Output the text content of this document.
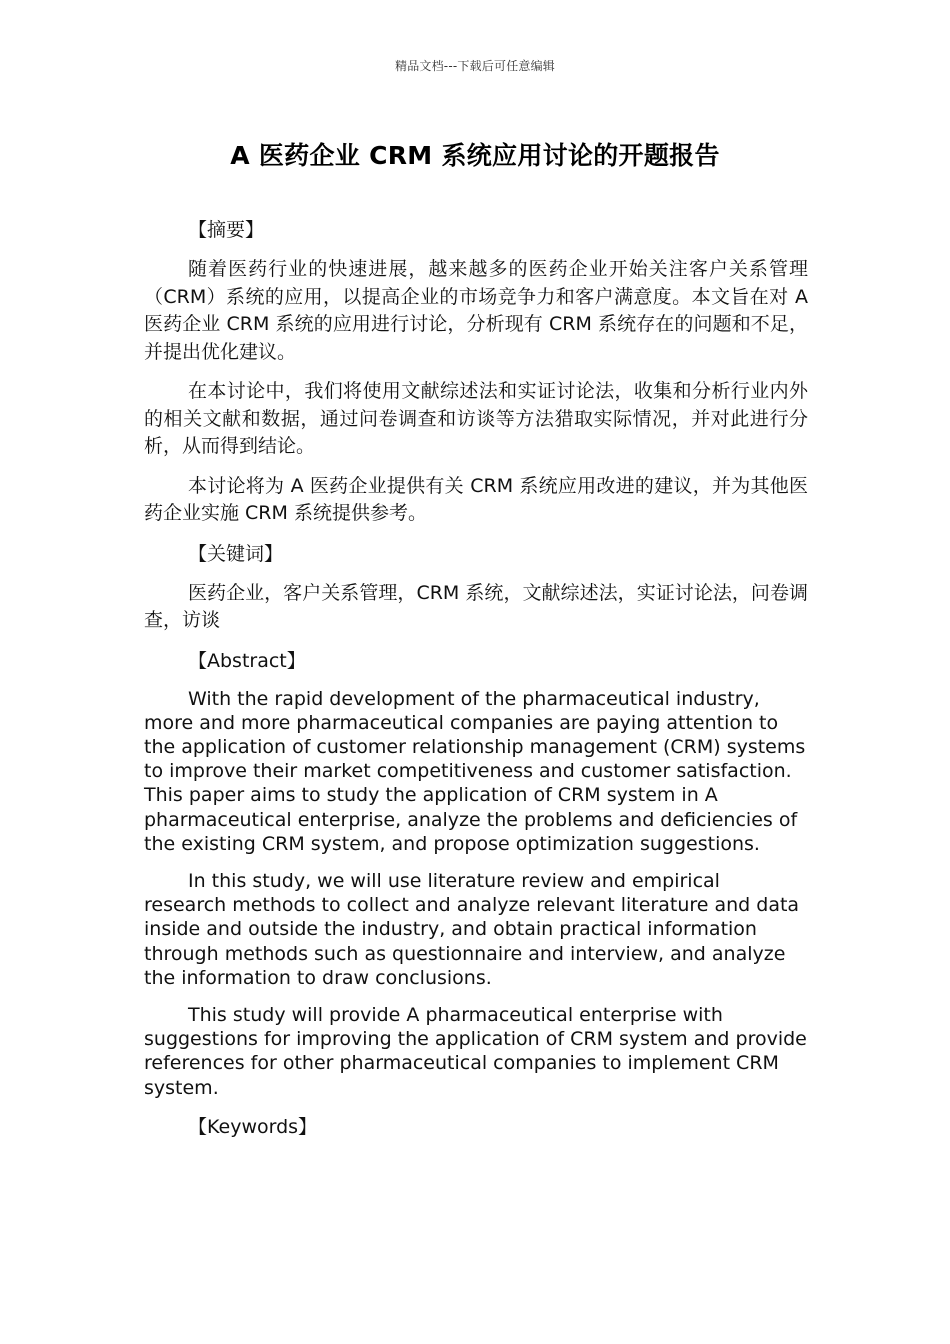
精品文档---下载后可任意编辑
A 医药企业 CRM 系统应用讨论的开题报告
【摘要】

随着医药行业的快速进展，越来越多的医药企业开始关注客户关系管理（CRM）系统的应用，以提高企业的市场竞争力和客户满意度。本文旨在对 A 医药企业 CRM 系统的应用进行讨论，分析现有 CRM 系统存在的问题和不足，并提出优化建议。

在本讨论中，我们将使用文献综述法和实证讨论法，收集和分析行业内外的相关文献和数据，通过问卷调查和访谈等方法猎取实际情况，并对此进行分析，从而得到结论。

本讨论将为 A 医药企业提供有关 CRM 系统应用改进的建议，并为其他医药企业实施 CRM 系统提供参考。

【关键词】

医药企业，客户关系管理，CRM 系统，文献综述法，实证讨论法，问卷调查，访谈

【Abstract】

With the rapid development of the pharmaceutical industry, more and more pharmaceutical companies are paying attention to the application of customer relationship management (CRM) systems to improve their market competitiveness and customer satisfaction. This paper aims to study the application of CRM system in A pharmaceutical enterprise, analyze the problems and deficiencies of the existing CRM system, and propose optimization suggestions.

In this study, we will use literature review and empirical research methods to collect and analyze relevant literature and data inside and outside the industry, and obtain practical information through methods such as questionnaire and interview, and analyze the information to draw conclusions.

This study will provide A pharmaceutical enterprise with suggestions for improving the application of CRM system and provide references for other pharmaceutical companies to implement CRM system.

【Keywords】
